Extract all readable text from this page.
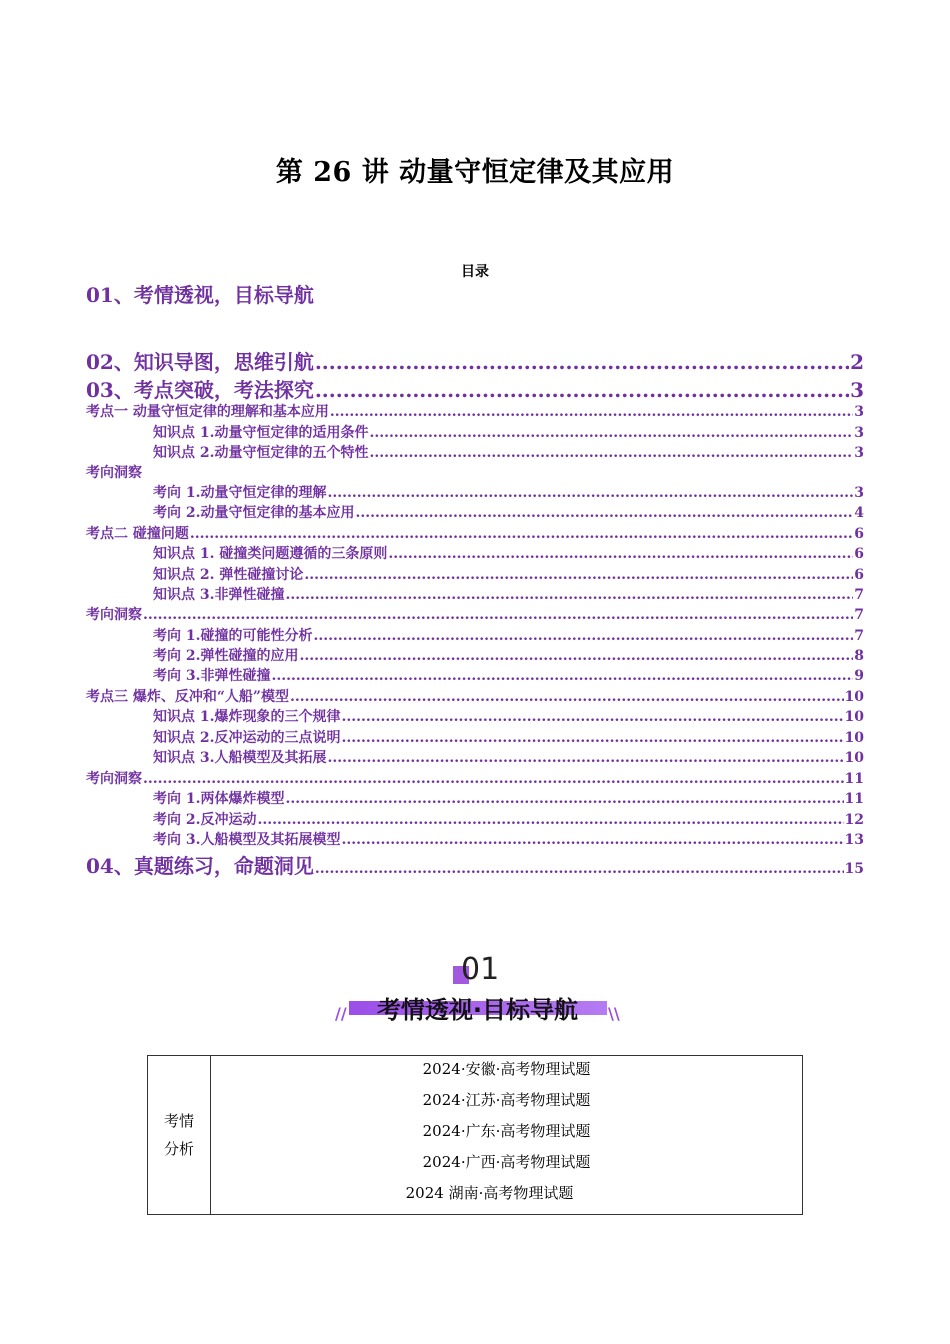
第 26 讲 动量守恒定律及其应用
目录
01、考情透视，目标导航
02、知识导图，思维引航 .....	2
03、考点突破，考法探究 .....	3
考点一 动量守恒定律的理解和基本应用 .....	3
知识点 1.动量守恒定律的适用条件 .....	3
知识点 2.动量守恒定律的五个特性 .....	3
考向洞察
考向 1.动量守恒定律的理解 .....	3
考向 2.动量守恒定律的基本应用 .....	4
考点二 碰撞问题 .....	6
知识点 1. 碰撞类问题遵循的三条原则 .....	6
知识点 2. 弹性碰撞讨论 .....	6
知识点 3.非弹性碰撞 .....	7
考向洞察 .....	7
考向 1.碰撞的可能性分析 .....	7
考向 2.弹性碰撞的应用 .....	8
考向 3.非弹性碰撞 .....	9
考点三 爆炸、反冲和“人船”模型 .....	10
知识点 1.爆炸现象的三个规律 .....	10
知识点 2.反冲运动的三点说明 .....	10
知识点 3.人船模型及其拓展 .....	10
考向洞察 .....	11
考向 1.两体爆炸模型 .....	11
考向 2.反冲运动 .....	12
考向 3.人船模型及其拓展模型 .....	13
04、真题练习，命题洞见 .....	15
01
//	\\
考情透视·目标导航
考情
分析

2024·安徽·高考物理试题
2024·江苏·高考物理试题
2024·广东·高考物理试题
2024·广西·高考物理试题
2024 湖南·高考物理试题
